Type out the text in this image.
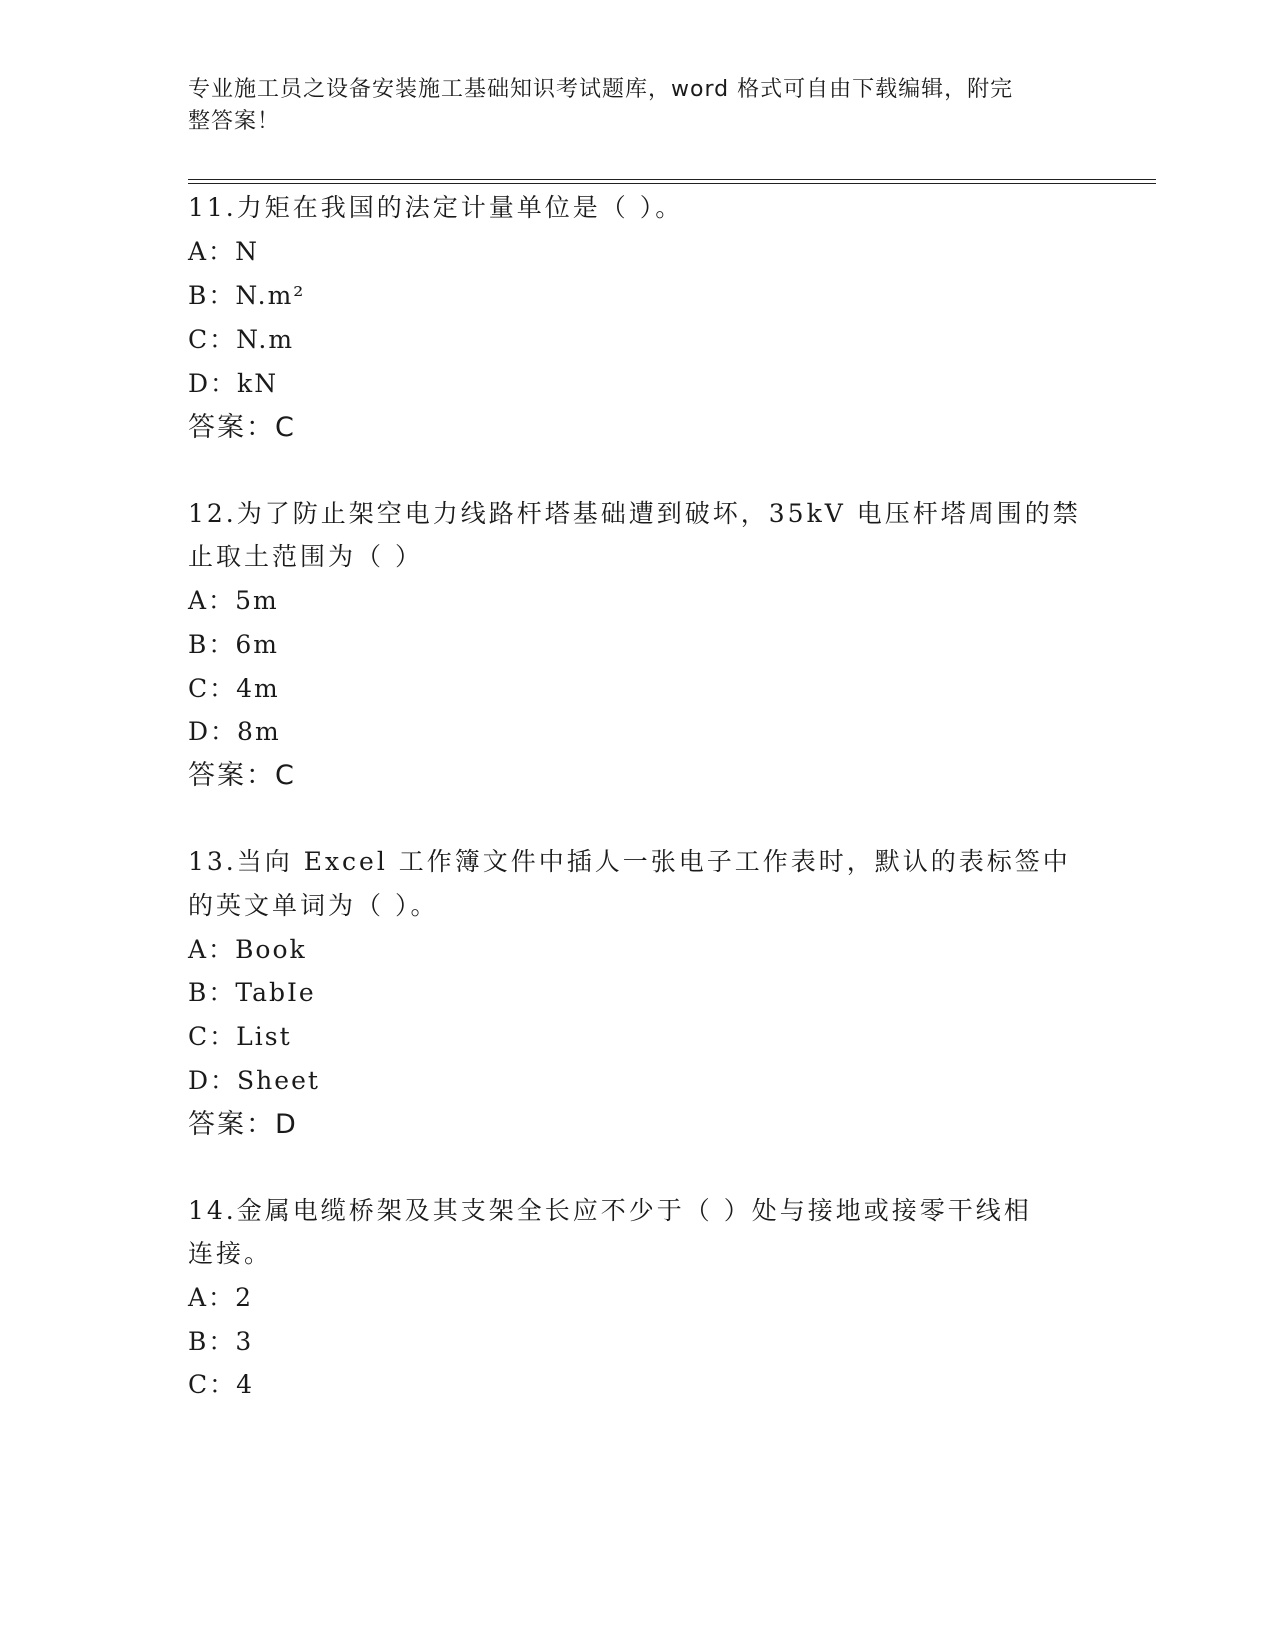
专业施工员之设备安装施工基础知识考试题库，word 格式可自由下载编辑，附完
整答案！
11.力矩在我国的法定计量单位是（ ）。
A：N
B：N.m²
C：N.m
D：kN
答案：C
12.为了防止架空电力线路杆塔基础遭到破坏，35kV 电压杆塔周围的禁
止取土范围为（ ）
A：5m
B：6m
C：4m
D：8m
答案：C
13.当向 Excel 工作簿文件中插人一张电子工作表时，默认的表标签中
的英文单词为（ ）。
A：Book
B：TabIe
C：List
D：Sheet
答案：D
14.金属电缆桥架及其支架全长应不少于（ ）处与接地或接零干线相
连接。
A：2
B：3
C：4
